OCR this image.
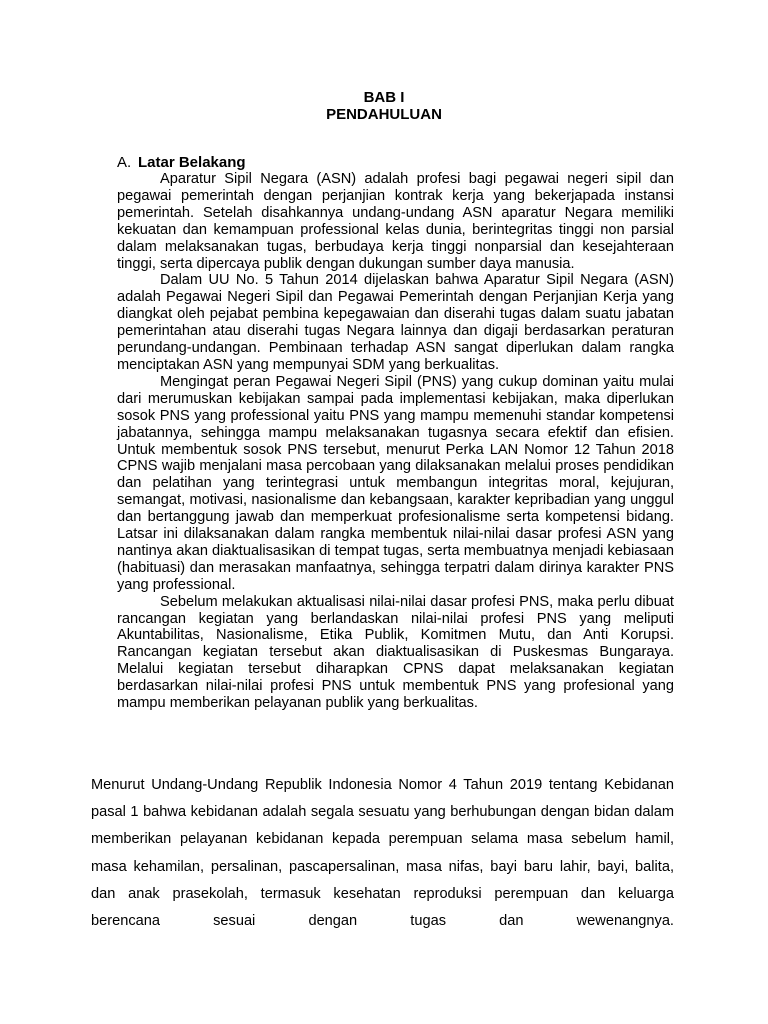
BAB I
PENDAHULUAN
A. Latar Belakang

Aparatur Sipil Negara (ASN) adalah profesi bagi pegawai negeri sipil dan pegawai pemerintah dengan perjanjian kontrak kerja yang bekerjapada instansi pemerintah. Setelah disahkannya undang-undang ASN aparatur Negara memiliki kekuatan dan kemampuan professional kelas dunia, berintegritas tinggi non parsial dalam melaksanakan tugas, berbudaya kerja tinggi nonparsial dan kesejahteraan tinggi, serta dipercaya publik dengan dukungan sumber daya manusia.

Dalam UU No. 5 Tahun 2014 dijelaskan bahwa Aparatur Sipil Negara (ASN) adalah Pegawai Negeri Sipil dan Pegawai Pemerintah dengan Perjanjian Kerja yang diangkat oleh pejabat pembina kepegawaian dan diserahi tugas dalam suatu jabatan pemerintahan atau diserahi tugas Negara lainnya dan digaji berdasarkan peraturan perundang-undangan. Pembinaan terhadap ASN sangat diperlukan dalam rangka menciptakan ASN yang mempunyai SDM yang berkualitas.

Mengingat peran Pegawai Negeri Sipil (PNS) yang cukup dominan yaitu mulai dari merumuskan kebijakan sampai pada implementasi kebijakan, maka diperlukan sosok PNS yang professional yaitu PNS yang mampu memenuhi standar kompetensi jabatannya, sehingga mampu melaksanakan tugasnya secara efektif dan efisien. Untuk membentuk sosok PNS tersebut, menurut Perka LAN Nomor 12 Tahun 2018 CPNS wajib menjalani masa percobaan yang dilaksanakan melalui proses pendidikan dan pelatihan yang terintegrasi untuk membangun integritas moral, kejujuran, semangat, motivasi, nasionalisme dan kebangsaan, karakter kepribadian yang unggul dan bertanggung jawab dan memperkuat profesionalisme serta kompetensi bidang. Latsar ini dilaksanakan dalam rangka membentuk nilai-nilai dasar profesi ASN yang nantinya akan diaktualisasikan di tempat tugas, serta membuatnya menjadi kebiasaan (habituasi) dan merasakan manfaatnya, sehingga terpatri dalam dirinya karakter PNS yang professional.

Sebelum melakukan aktualisasi nilai-nilai dasar profesi PNS, maka perlu dibuat rancangan kegiatan yang berlandaskan nilai-nilai profesi PNS yang meliputi Akuntabilitas, Nasionalisme, Etika Publik, Komitmen Mutu, dan Anti Korupsi. Rancangan kegiatan tersebut akan diaktualisasikan di Puskesmas Bungaraya. Melalui kegiatan tersebut diharapkan CPNS dapat melaksanakan kegiatan berdasarkan nilai-nilai profesi PNS untuk membentuk PNS yang profesional yang mampu memberikan pelayanan publik yang berkualitas.

Menurut Undang-Undang Republik Indonesia Nomor 4 Tahun 2019 tentang Kebidanan pasal 1 bahwa kebidanan adalah segala sesuatu yang berhubungan dengan bidan dalam memberikan pelayanan kebidanan kepada perempuan selama masa sebelum hamil, masa kehamilan, persalinan, pascapersalinan, masa nifas, bayi baru lahir, bayi, balita, dan anak prasekolah, termasuk kesehatan reproduksi perempuan dan keluarga berencana sesuai dengan tugas dan wewenangnya.
